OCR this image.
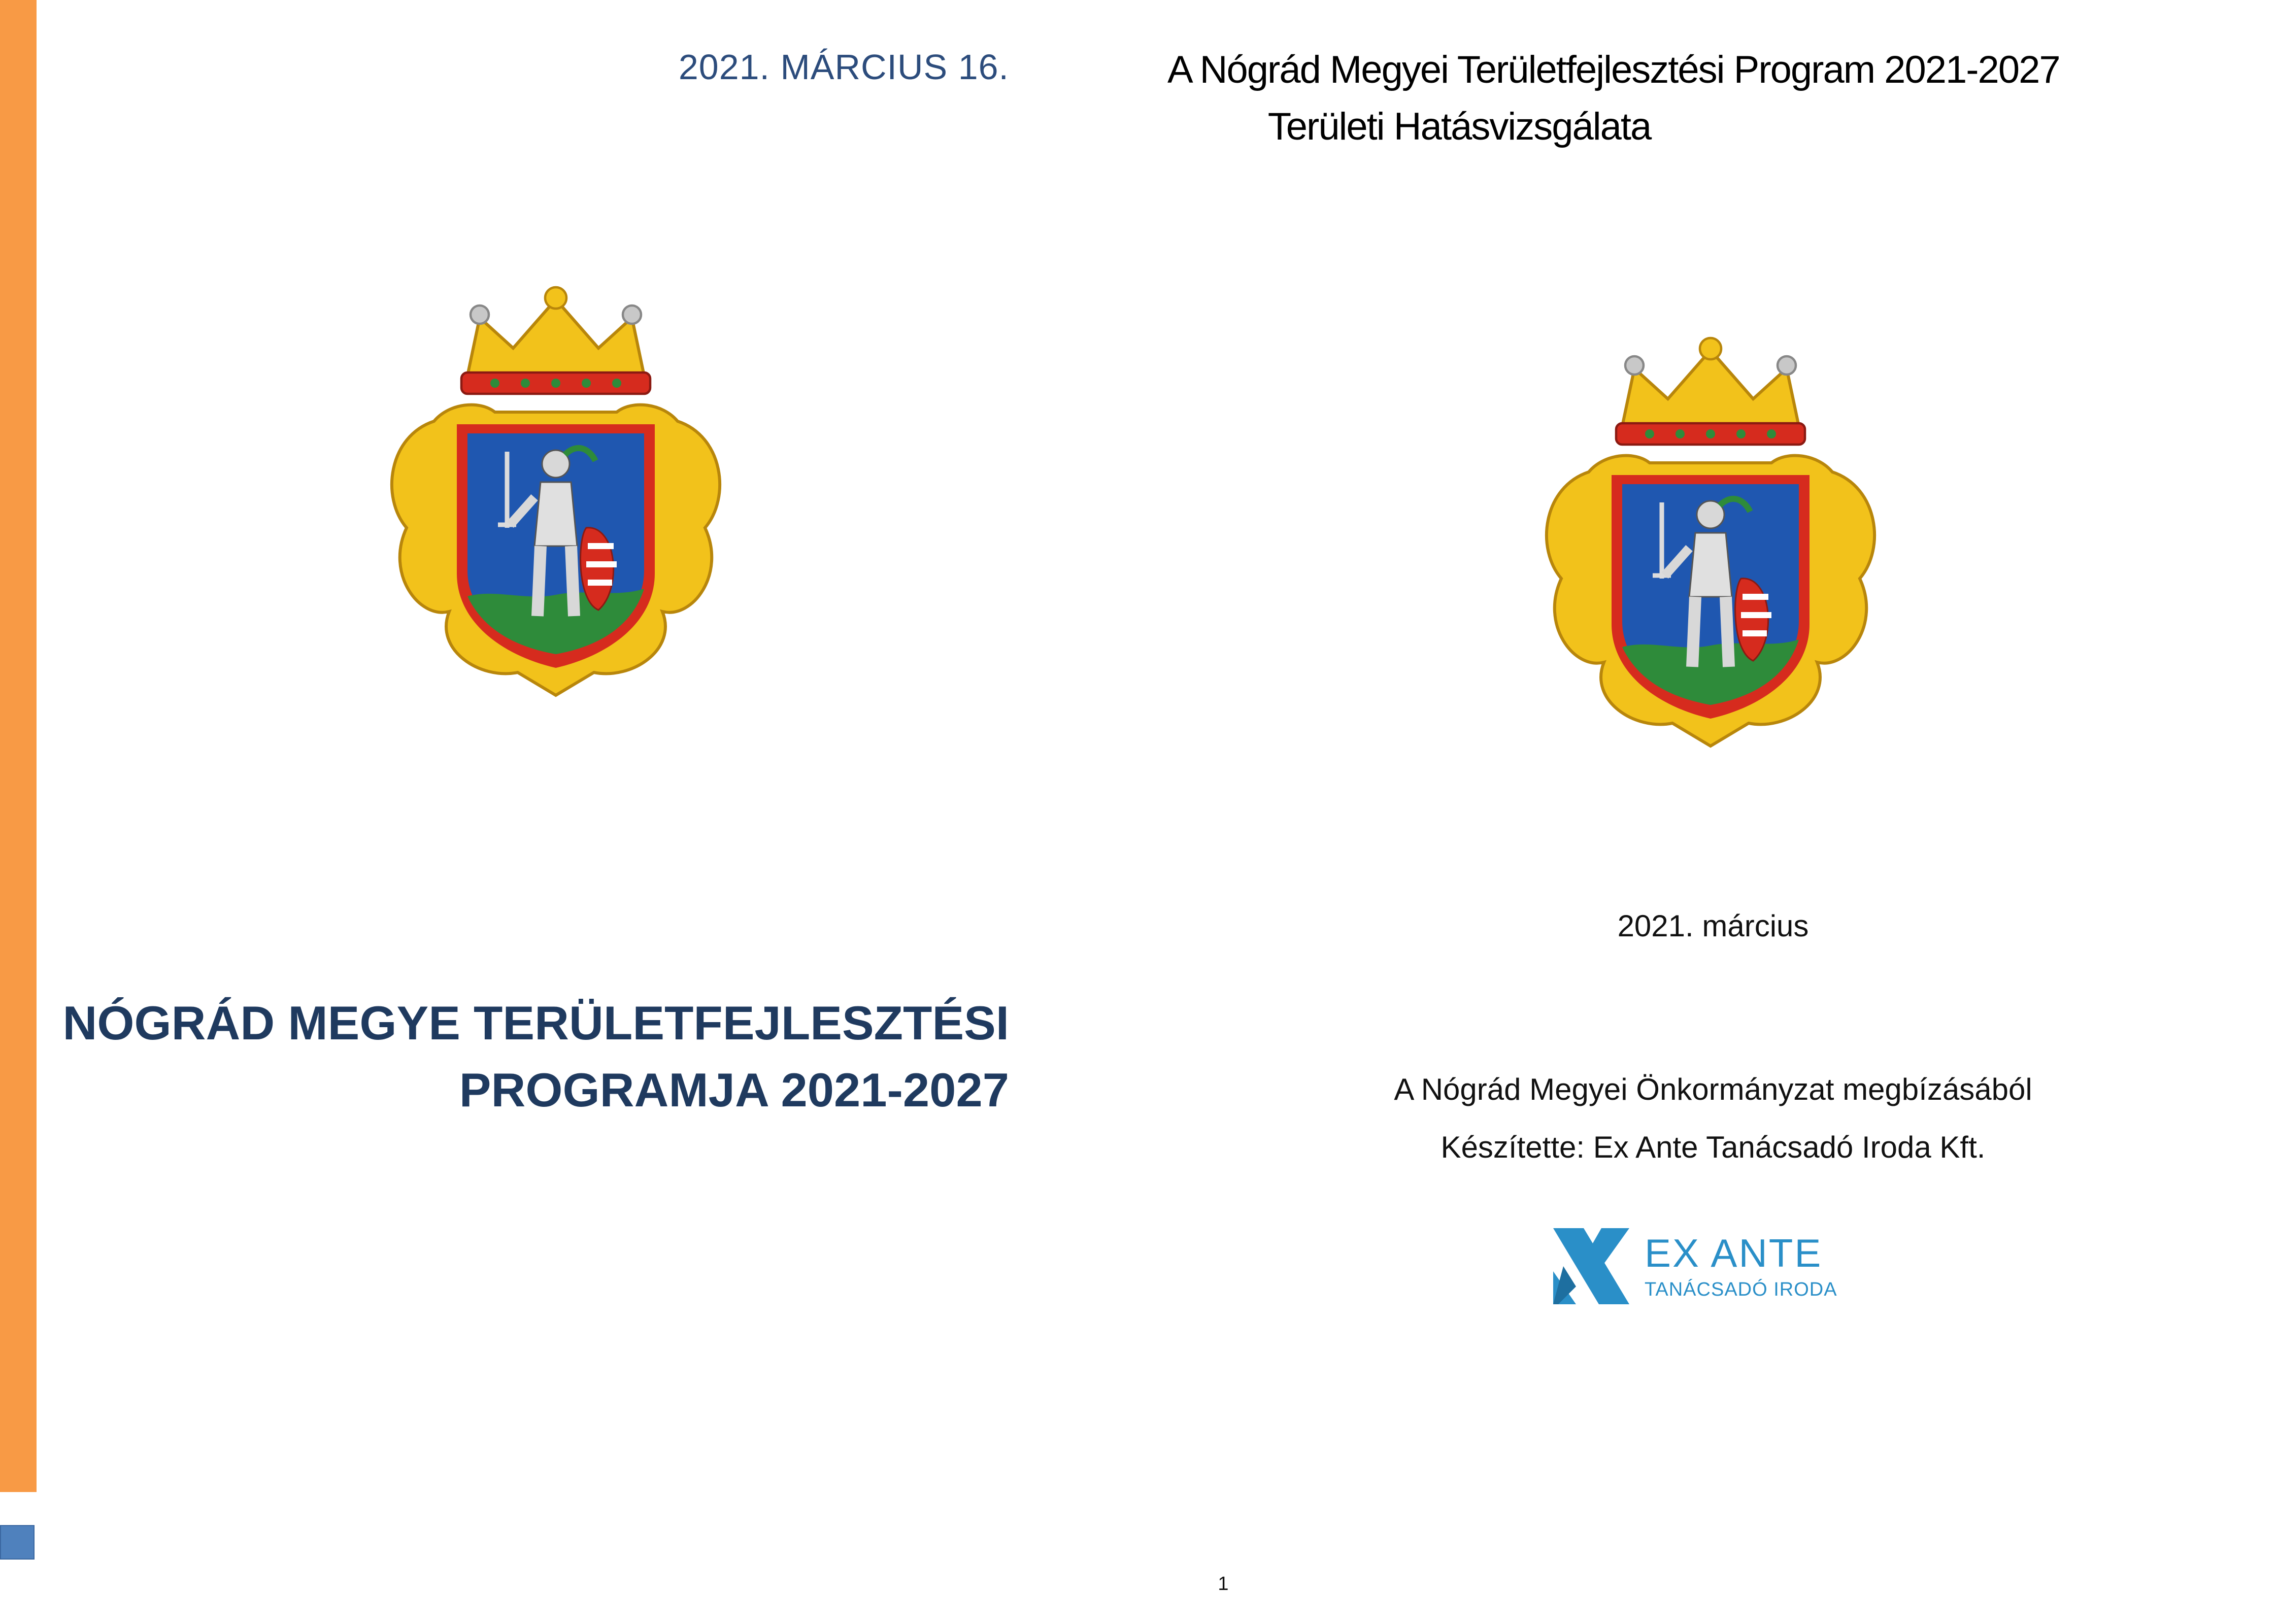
2021. MÁRCIUS 16.
NÓGRÁD MEGYE TERÜLETFEJLESZTÉSI
PROGRAMJA 2021-2027
A Nógrád Megyei Területfejlesztési Program 2021-2027
Területi Hatásvizsgálata
2021. március
A Nógrád Megyei Önkormányzat megbízásából
Készítette: Ex Ante Tanácsadó Iroda Kft.
EX ANTE
TANÁCSADÓ IRODA
1
